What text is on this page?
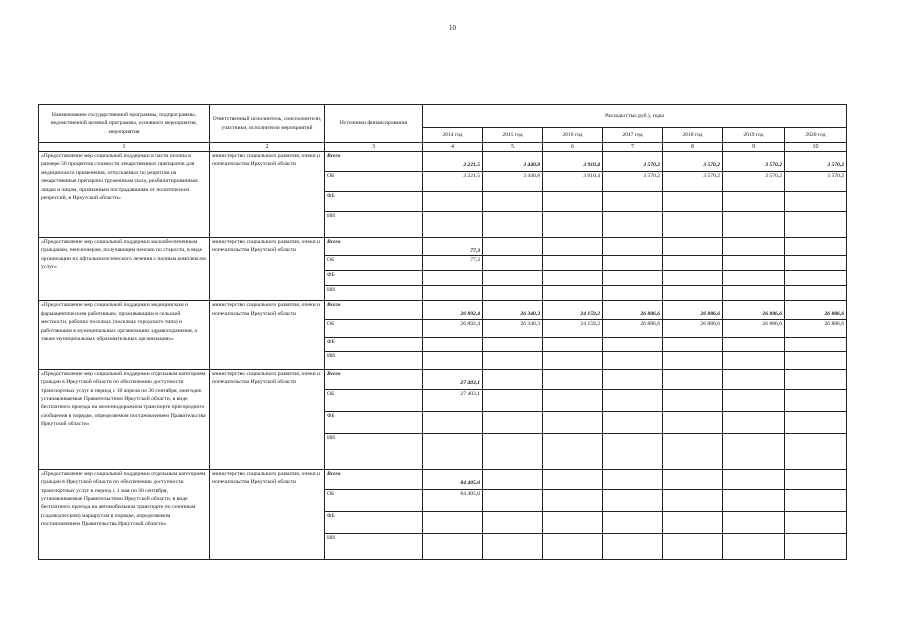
10
Наименование государственной программы, подпрограммы, ведомственной целевой программы, основного мероприятия, мероприятия	Ответственный исполнитель, соисполнители, участники, исполнители мероприятий	Источники финансирования	Расходы (тыс.руб.), годы						
			2014 год	2015 год	2016 год	2017 год	2018 год	2019 год	2020 год
1	2	3	4	5	6	7	8	9	10
«Предоставление мер социальной поддержки в части оплаты в размере 50 процентов стоимости лекарственных препаратов для медицинского применения, отпускаемых по рецептам на лекарственные препараты труженикам тыла, реабилитированным лицам и лицам, признанным пострадавшими от политических репрессий, в Иркутской области»	министерство социального развития, опеки и попечительства Иркутской области	Всего	3 221,5	3 440,8	3 910,4	3 570,2	3 570,2	3 570,2	3 570,2
		ОБ	3 221,5	3 440,8	3 910,4	3 570,2	3 570,2	3 570,2	3 570,2
		ФБ							
		ИИ							
«Предоставление мер социальной поддержки малообеспеченным гражданам, пенсионерам, получающим пенсию по старости, в виде организации их офтальмологического лечения с полным комплексом услуг»	министерство социального развития, опеки и попечительства Иркутской области	Всего	77,3						
		ОБ	77,3						
		ФБ							
		ИИ							
«Предоставление мер социальной поддержки медицинским и фармацевтическим работникам, проживающим в сельской местности, рабочих поселках (поселках городского типа) и работающим в муниципальных организациях здравоохранения, а также муниципальных образовательных организациях»	министерство социального развития, опеки и попечительства Иркутской области	Всего	26 892,4	26 340,3	24 159,2	26 886,6	26 886,6	26 886,6	26 886,6
		ОБ	26 892,4	26 340,3	24 159,2	26 886,6	26 886,6	26 886,6	26 886,6
		ФБ							
		ИИ							
«Предоставление мер социальной поддержки отдельным категориям граждан в Иркутской области по обеспечению доступности транспортных услуг в период с 30 апреля по 30 сентября, ежегодно устанавливаемые Правительством Иркутской области, в виде бесплатного проезда на железнодорожном транспорте пригородного сообщения в порядке, определяемом постановлением Правительства Иркутской области»	министерство социального развития, опеки и попечительства Иркутской области	Всего	27 403,1						
		ОБ	27 403,1						
		ФБ							
		ИИ							
«Предоставление мер социальной поддержки отдельным категориям граждан в Иркутской области по обеспечению доступности транспортных услуг в период с 1 мая по 30 сентября, устанавливаемые Правительством Иркутской области, в виде бесплатного проезда на автомобильном транспорте по сезонным (садоводческим) маршрутам в порядке, определяемом постановлением Правительства Иркутской области»	министерство социального развития, опеки и попечительства Иркутской области	Всего	84 405,0						
		ОБ	84 405,0						
		ФБ							
		ИИ							
